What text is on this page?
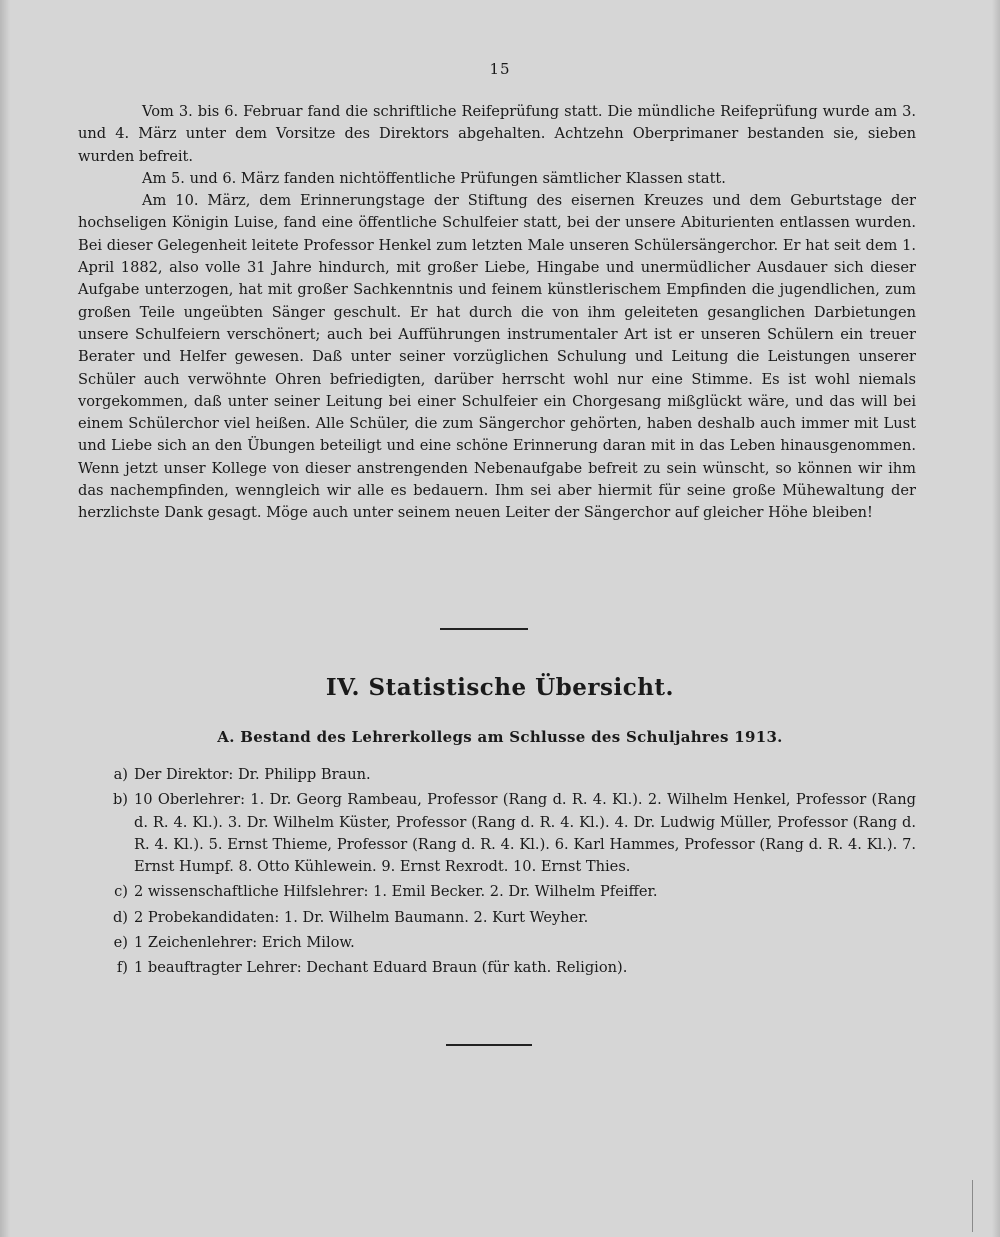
15

Vom 3. bis 6. Februar fand die schriftliche Reifeprüfung statt. Die mündliche Reifeprüfung wurde am 3. und 4. März unter dem Vorsitze des Direktors abgehalten. Achtzehn Oberprimaner bestanden sie, sieben wurden befreit.

Am 5. und 6. März fanden nichtöffentliche Prüfungen sämtlicher Klassen statt.

Am 10. März, dem Erinnerungstage der Stiftung des eisernen Kreuzes und dem Geburtstage der hochseligen Königin Luise, fand eine öffentliche Schulfeier statt, bei der unsere Abiturienten entlassen wurden. Bei dieser Gelegenheit leitete Professor Henkel zum letzten Male unseren Schülersängerchor. Er hat seit dem 1. April 1882, also volle 31 Jahre hindurch, mit großer Liebe, Hingabe und unermüdlicher Ausdauer sich dieser Aufgabe unterzogen, hat mit großer Sachkenntnis und feinem künstlerischem Empfinden die jugendlichen, zum großen Teile ungeübten Sänger geschult. Er hat durch die von ihm geleiteten gesanglichen Darbietungen unsere Schulfeiern verschönert; auch bei Aufführungen instrumentaler Art ist er unseren Schülern ein treuer Berater und Helfer gewesen. Daß unter seiner vorzüglichen Schulung und Leitung die Leistungen unserer Schüler auch verwöhnte Ohren befriedigten, darüber herrscht wohl nur eine Stimme. Es ist wohl niemals vorgekommen, daß unter seiner Leitung bei einer Schulfeier ein Chorgesang mißglückt wäre, und das will bei einem Schülerchor viel heißen. Alle Schüler, die zum Sängerchor gehörten, haben deshalb auch immer mit Lust und Liebe sich an den Übungen beteiligt und eine schöne Erinnerung daran mit in das Leben hinausgenommen. Wenn jetzt unser Kollege von dieser anstrengenden Nebenaufgabe befreit zu sein wünscht, so können wir ihm das nachempfinden, wenngleich wir alle es bedauern. Ihm sei aber hiermit für seine große Mühewaltung der herzlichste Dank gesagt. Möge auch unter seinem neuen Leiter der Sängerchor auf gleicher Höhe bleiben!

IV. Statistische Übersicht.
A. Bestand des Lehrerkollegs am Schlusse des Schuljahres 1913.
a) Der Direktor: Dr. Philipp Braun.
b) 10 Oberlehrer: 1. Dr. Georg Rambeau, Professor (Rang d. R. 4. Kl.). 2. Wilhelm Henkel, Professor (Rang d. R. 4. Kl.). 3. Dr. Wilhelm Küster, Professor (Rang d. R. 4. Kl.). 4. Dr. Ludwig Müller, Professor (Rang d. R. 4. Kl.). 5. Ernst Thieme, Professor (Rang d. R. 4. Kl.). 6. Karl Hammes, Professor (Rang d. R. 4. Kl.). 7. Ernst Humpf. 8. Otto Kühlewein. 9. Ernst Rexrodt. 10. Ernst Thies.
c) 2 wissenschaftliche Hilfslehrer: 1. Emil Becker. 2. Dr. Wilhelm Pfeiffer.
d) 2 Probekandidaten: 1. Dr. Wilhelm Baumann. 2. Kurt Weyher.
e) 1 Zeichenlehrer: Erich Milow.
f) 1 beauftragter Lehrer: Dechant Eduard Braun (für kath. Religion).
